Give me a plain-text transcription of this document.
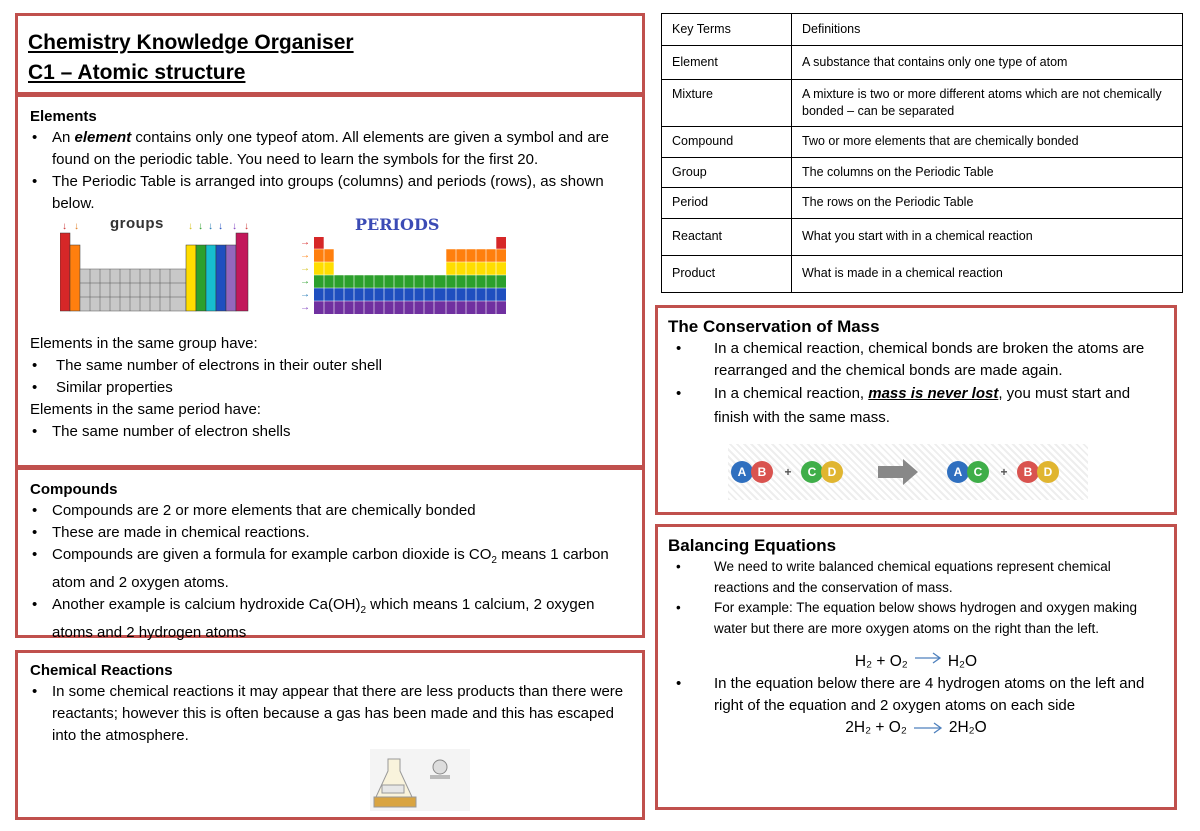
Chemistry Knowledge Organiser
C1 – Atomic structure
Elements
• An element contains only one typeof atom. All elements are given a symbol and are found on the periodic table. You need to learn the symbols for the first 20.
• The Periodic Table is arranged into groups (columns) and periods (rows), as shown below.
groups
↓ ↓	↓ ↓ ↓ ↓ ↓ ↓	PERIODS
→
→
→
→
→
→

Elements in the same group have:

• The same number of electrons in their outer shell
• Similar properties

Elements in the same period have:

• The same number of electron shells
Compounds
• Compounds are 2 or more elements that are chemically bonded
• These are made in chemical reactions.
• Compounds are given a formula for example carbon dioxide is $CO_2$ means 1 carbon atom and 2 oxygen atoms.
• Another example is calcium hydroxide $Ca(OH)_2$ which means 1 calcium, 2 oxygen atoms and 2 hydrogen atoms
Chemical Reactions
• In some chemical reactions it may appear that there are less products than there were reactants; however this is often because a gas has been made and this has escaped into the atmosphere.
Key Terms	Definitions
Element	A substance that contains only one type of atom
Mixture	A mixture is two or more different atoms which are not chemically bonded – can be separated
Compound	Two or more elements that are chemically bonded
Group	The columns on the Periodic Table
Period	The rows on the Periodic Table
Reactant	What you start with in a chemical reaction
Product	What is made in a chemical reaction
The Conservation of Mass
• In a chemical reaction, chemical bonds are broken the atoms are rearranged and the chemical bonds are made again.
• In a chemical reaction, mass is never lost, you must start and finish with the same mass.
A B + C D	A C + B D
Balancing Equations
• We need to write balanced chemical equations represent chemical reactions and the conservation of mass.
• For example: The equation below shows hydrogen and oxygen making water but there are more oxygen atoms on the right than the left.
H₂ + O₂	H₂O
• In the equation below there are 4 hydrogen atoms on the left and right of the equation and 2 oxygen atoms on each side
2H₂ + O₂	2H₂O
